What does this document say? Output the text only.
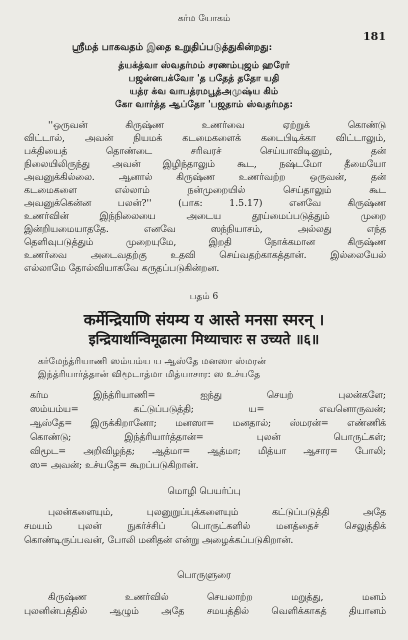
கர்ம யோகம்
181
ஸ்ரீமத் பாகவதம் இதை உறுதிப்படுத்துகின்றது:
த்யக்த்வா ஸ்வதர்மம் சரணம்புஜம் ஹரேர்
பஜன்னபக்வோ 'த பதேத் ததோ யதி
யத்ர க்வ வாபத்ரமபூத்அமுஷ்ய கிம்
கோ வார்த்த ஆப்தோ 'பஜதாம் ஸ்வதர்மத:
''ஒருவன் கிருஷ்ண உணர்வை ஏற்றுக் கொண்டு
விட்டால், அவன் நியமக் கடமைகளைக் கடைபிடிக்கா விட்டாலும்,
பக்தியைத் தொண்டை சரிவரச் செய்யாவிடினும், தன்
நிலையிலிருந்து அவன் இழிந்தாலும் கூட, நஷ்டமோ தீமையோ
அவனுக்கில்லை. ஆனால் கிருஷ்ண உணர்வற்ற ஒருவன், தன்
கடமைகளை எல்லாம் நன்முறையில் செய்தாலும் கூட
அவனுக்கென்ன பலன்?'' (பாக: 1.5.17) எனவே கிருஷ்ண
உணர்வின் இந்நிலையை அடைய தூய்மைப்படுத்தும் முறை
இன்றியமையாததே. எனவே ஸந்நியாசம், அல்லது எந்த
தெளிவுபடுத்தும் முறையுமே, இறதி நோக்கமான கிருஷ்ண
உணர்வை அடைவதற்கு உதவி செய்வதற்காகத்தான். இல்லையேல்
எல்லாமே தோல்வியாகவே கருதப்படுகின்றன.
பதம் 6
कर्मेन्द्रियाणि संयम्य य आस्ते मनसा स्मरन् ।
इन्द्रियार्थान्विमूढात्मा मिथ्याचारः स उच्यते ॥६॥
கர்மேந்த்ரியாணி ஸம்யம்ய ய ஆஸ்தே மனஸா ஸ்மரன்
இந்த்ரியார்த்தான் விமூடாத்மா மித்யாசார: ஸ உச்யதே
கர்ம இந்த்ரியாணி= ஐந்து செயற் புலன்களே;
ஸம்யம்ய= கட்டுப்படுத்தி; ய= எவனொருவன்;
ஆஸ்தே= இருக்கிறானோ; மனஸா= மனதால்; ஸ்மரன்= எண்ணிக்
கொண்டு; இந்த்ரியார்த்தான்= புலன் பொருட்கள்;
விமூட= அறிவிழந்த; ஆத்மா= ஆத்மா; மித்யா ஆசார= போலி;
ஸ= அவன்; உச்யதே= கூறப்படுகிறான்.
மொழி பெயர்ப்பு
புலன்களையும், புலனுறுப்புக்களையும் கட்டுப்படுத்தி அதே
சமயம் புலன் நுகர்ச்சிப் பொருட்களில் மனத்தைச் செலுத்திக்
கொண்டிருப்பவன், போலி மனிதன் என்று அழைக்கப்படுகிறான்.
பொருளுரை
கிருஷ்ண உணர்வில் செயலாற்ற மறுத்து, மனம்
புலனின்பத்தில் ஆழும் அதே சமயத்தில் வெளிக்காகத் தியானம்
